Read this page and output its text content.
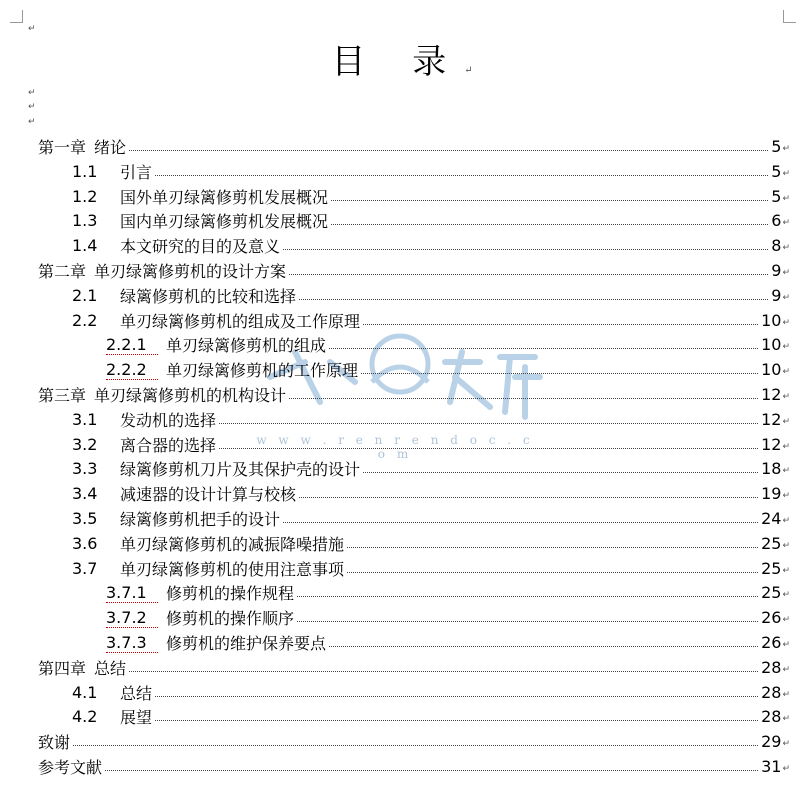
↵
目 录↵
↵
↵
↵
w w w . r e n r e n d o c . c o m
第一章 绪论	5 ↵
1.1	引言	5 ↵
1.2	国外单刃绿篱修剪机发展概况	5 ↵
1.3	国内单刃绿篱修剪机发展概况	6 ↵
1.4	本文研究的目的及意义	8 ↵
第二章 单刃绿篱修剪机的设计方案	9 ↵
2.1	绿篱修剪机的比较和选择	9 ↵
2.2	单刃绿篱修剪机的组成及工作原理	10 ↵
2.2.1	单刃绿篱修剪机的组成	10 ↵
2.2.2	单刃绿篱修剪机的工作原理	10 ↵
第三章 单刃绿篱修剪机的机构设计	12 ↵
3.1	发动机的选择	12 ↵
3.2	离合器的选择	12 ↵
3.3	绿篱修剪机刀片及其保护壳的设计	18 ↵
3.4	减速器的设计计算与校核	19 ↵
3.5	绿篱修剪机把手的设计	24 ↵
3.6	单刃绿篱修剪机的减振降噪措施	25 ↵
3.7	单刃绿篱修剪机的使用注意事项	25 ↵
3.7.1	修剪机的操作规程	25 ↵
3.7.2	修剪机的操作顺序	26 ↵
3.7.3	修剪机的维护保养要点	26 ↵
第四章 总结	28 ↵
4.1	总结	28 ↵
4.2	展望	28 ↵
致谢	29 ↵
参考文献	31 ↵
